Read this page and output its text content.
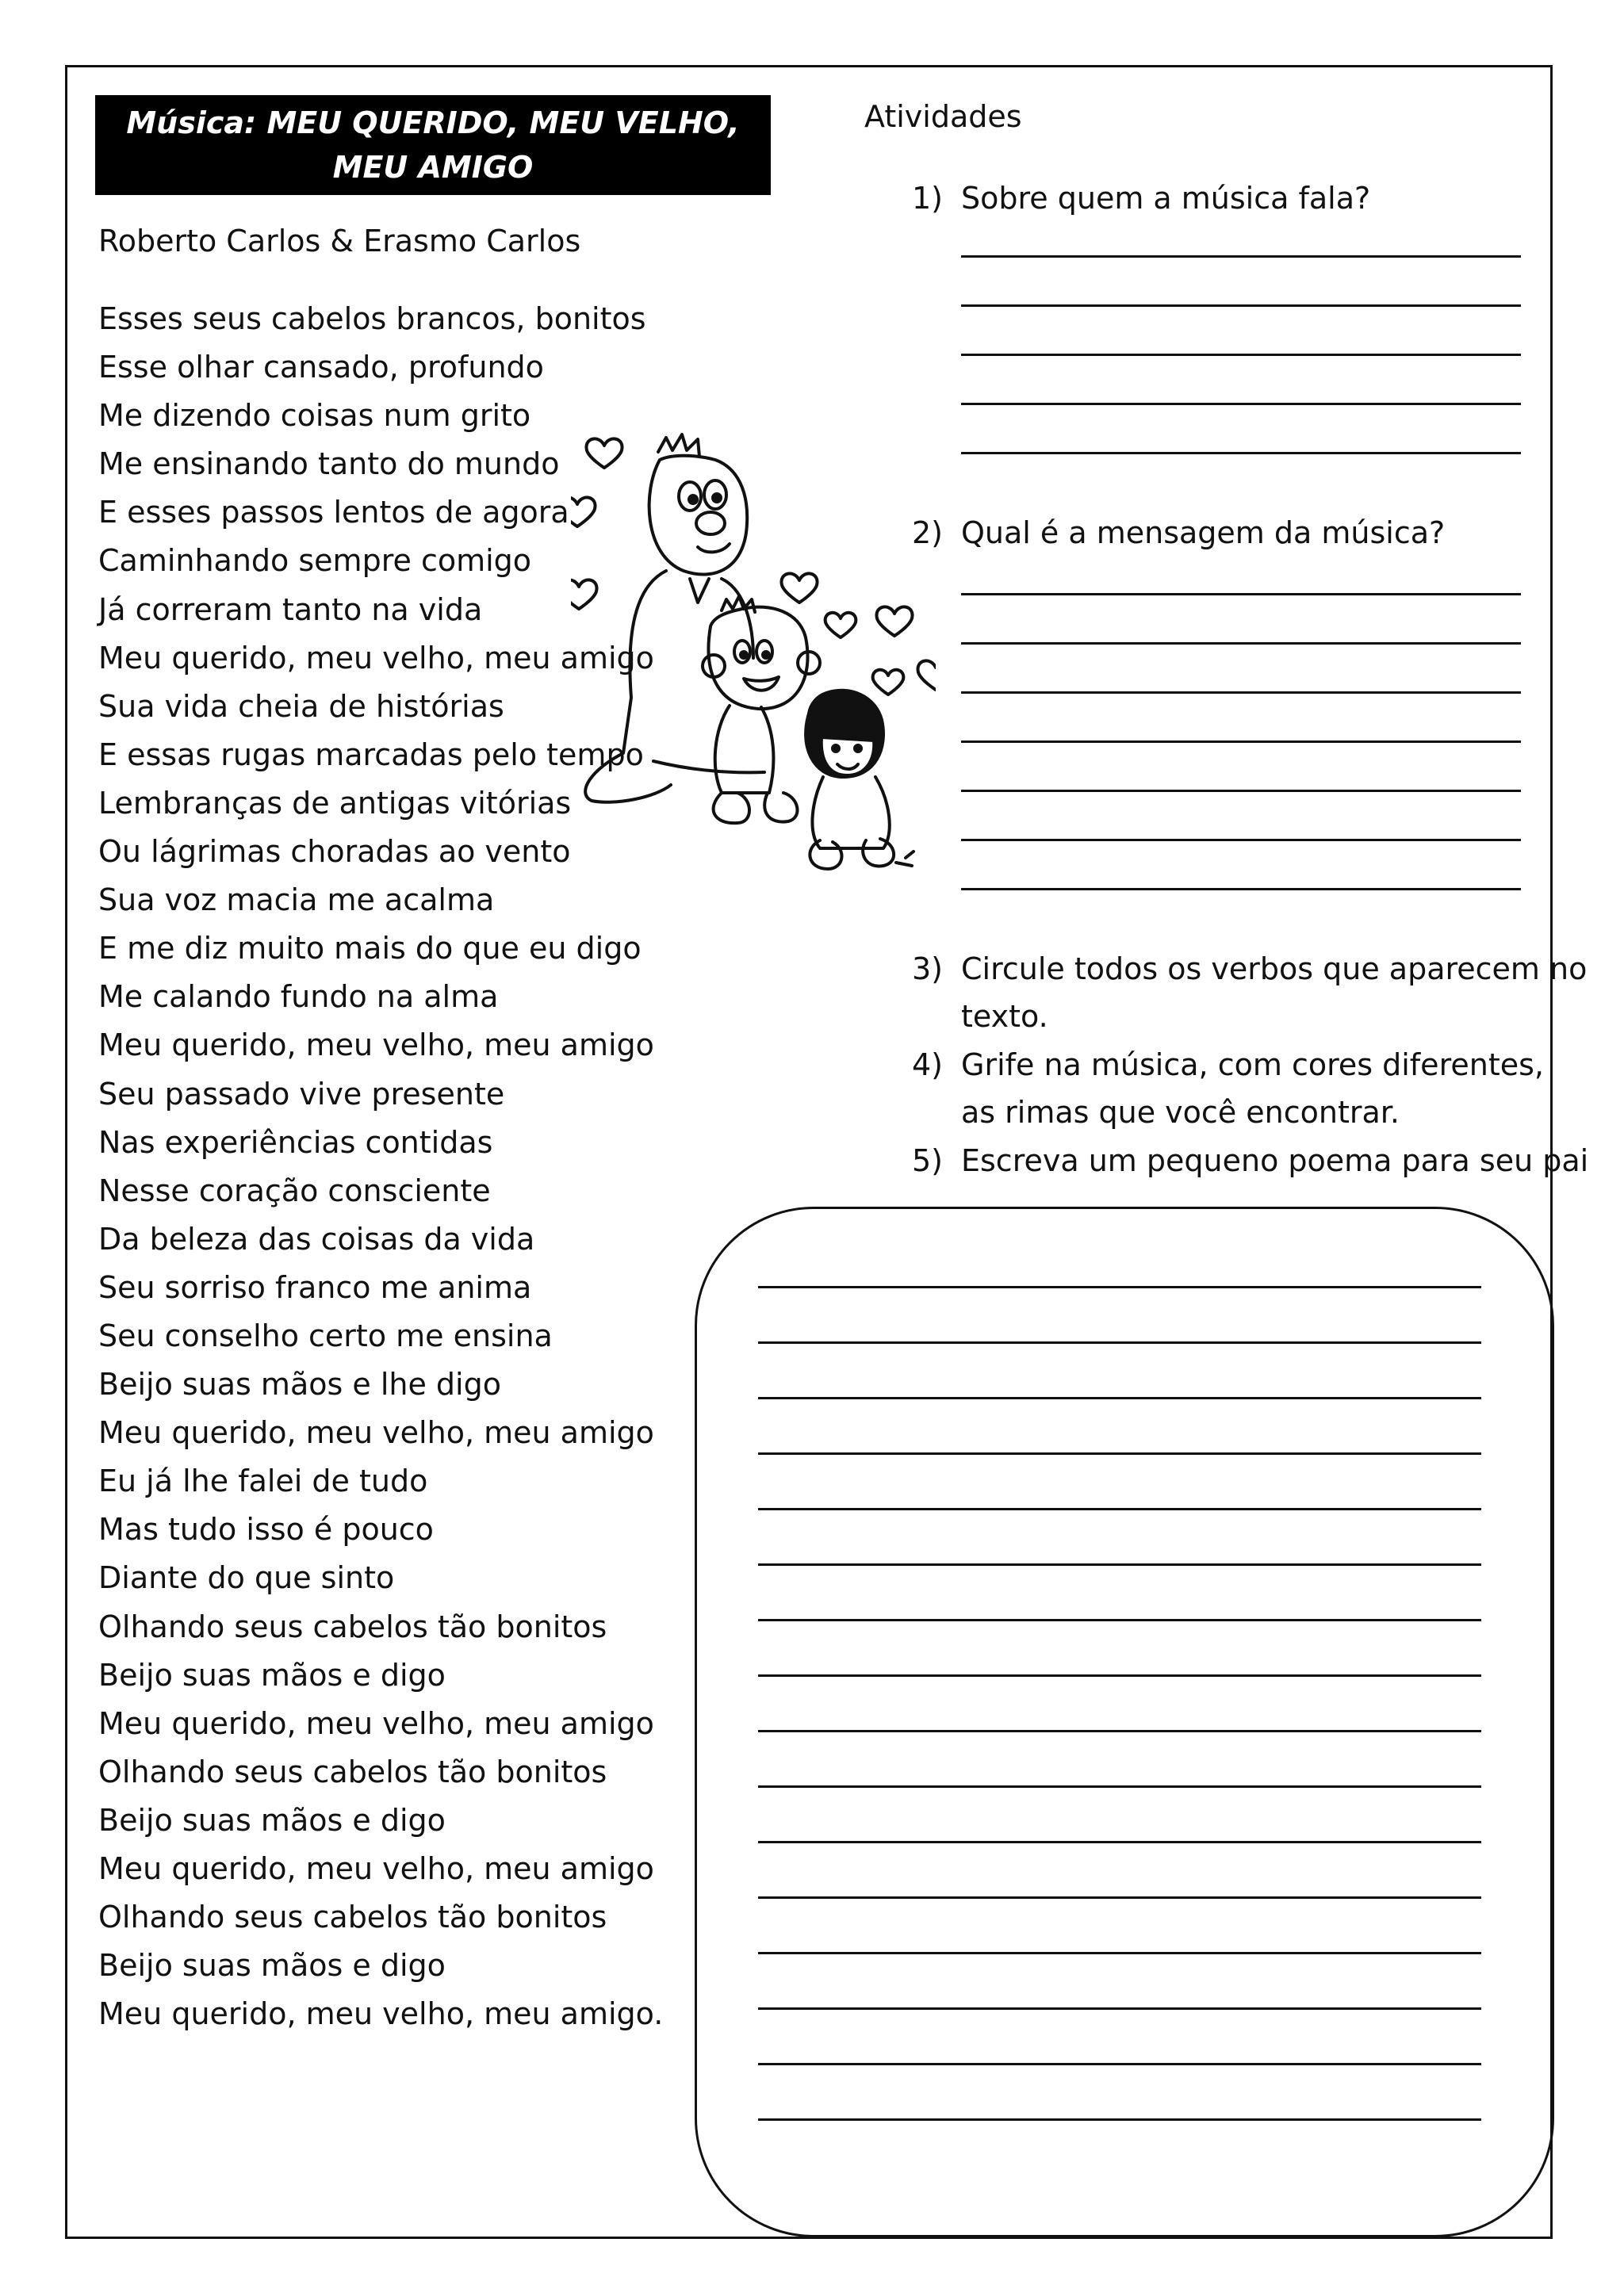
Música: MEU QUERIDO, MEU VELHO, MEU AMIGO
Roberto Carlos & Erasmo Carlos
Esses seus cabelos brancos, bonitos
Esse olhar cansado, profundo
Me dizendo coisas num grito
Me ensinando tanto do mundo
E esses passos lentos de agora
Caminhando sempre comigo
Já correram tanto na vida
Meu querido, meu velho, meu amigo
Sua vida cheia de histórias
E essas rugas marcadas pelo tempo
Lembranças de antigas vitórias
Ou lágrimas choradas ao vento
Sua voz macia me acalma
E me diz muito mais do que eu digo
Me calando fundo na alma
Meu querido, meu velho, meu amigo
Seu passado vive presente
Nas experiências contidas
Nesse coração consciente
Da beleza das coisas da vida
Seu sorriso franco me anima
Seu conselho certo me ensina
Beijo suas mãos e lhe digo
Meu querido, meu velho, meu amigo
Eu já lhe falei de tudo
Mas tudo isso é pouco
Diante do que sinto
Olhando seus cabelos tão bonitos
Beijo suas mãos e digo
Meu querido, meu velho, meu amigo
Olhando seus cabelos tão bonitos
Beijo suas mãos e digo
Meu querido, meu velho, meu amigo
Olhando seus cabelos tão bonitos
Beijo suas mãos e digo
Meu querido, meu velho, meu amigo.
Atividades
1) Sobre quem a música fala?
2) Qual é a mensagem da música?
3) Circule todos os verbos que aparecem no
texto.
4) Grife na música, com cores diferentes,
as rimas que você encontrar.
5) Escreva um pequeno poema para seu pai
